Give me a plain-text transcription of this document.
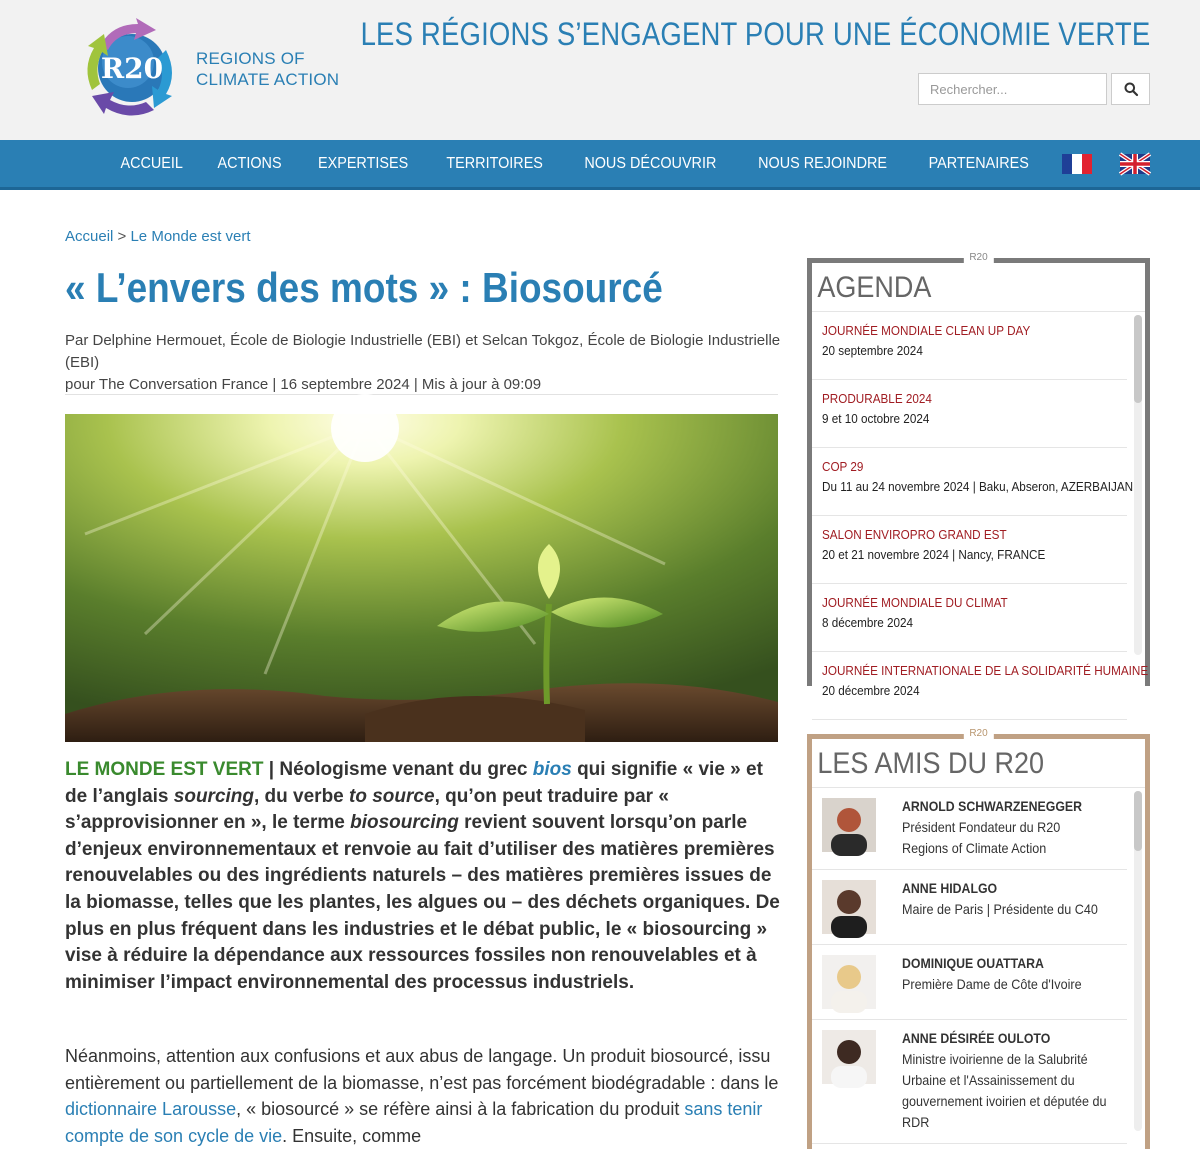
R20 REGIONS OF
CLIMATE ACTION
LES RÉGIONS S’ENGAGENT POUR UNE ÉCONOMIE VERTE
Rechercher...
ACCUEIL ACTIONS EXPERTISES TERRITOIRES	NOUS DÉCOUVRIR	NOUS REJOINDRE	PARTENAIRES
Accueil > Le Monde est vert
« L’envers des mots » : Biosourcé
Par Delphine Hermouet, École de Biologie Industrielle (EBI) et Selcan Tokgoz, École de Biologie Industrielle (EBI)
pour The Conversation France | 16 septembre 2024 | Mis à jour à 09:09
LE MONDE EST VERT | Néologisme venant du grec bios qui signifie « vie » et de l’anglais sourcing, du verbe to source, qu’on peut traduire par « s’approvisionner en », le terme biosourcing revient souvent lorsqu’on parle d’enjeux environnementaux et renvoie au fait d’utiliser des matières premières renouvelables ou des ingrédients naturels – des matières premières issues de la biomasse, telles que les plantes, les algues ou – des déchets organiques. De plus en plus fréquent dans les industries et le débat public, le « biosourcing » vise à réduire la dépendance aux ressources fossiles non renouvelables et à minimiser l’impact environnemental des processus industriels.
Néanmoins, attention aux confusions et aux abus de langage. Un produit biosourcé, issu entièrement ou partiellement de la biomasse, n’est pas forcément biodégradable : dans le dictionnaire Larousse, « biosourcé » se réfère ainsi à la fabrication du produit sans tenir compte de son cycle de vie. Ensuite, comme
R20
AGENDA
JOURNÉE MONDIALE CLEAN UP DAY
20 septembre 2024
PRODURABLE 2024
9 et 10 octobre 2024
COP 29
Du 11 au 24 novembre 2024 | Baku, Abseron, AZERBAIJAN
SALON ENVIROPRO GRAND EST
20 et 21 novembre 2024 | Nancy, FRANCE
JOURNÉE MONDIALE DU CLIMAT
8 décembre 2024
JOURNÉE INTERNATIONALE DE LA SOLIDARITÉ HUMAINE
20 décembre 2024
R20
LES AMIS DU R20
ARNOLD SCHWARZENEGGER
Président Fondateur du R20 Regions of Climate Action
ANNE HIDALGO
Maire de Paris | Présidente du C40
DOMINIQUE OUATTARA
Première Dame de Côte d'Ivoire
ANNE DÉSIRÉE OULOTO
Ministre ivoirienne de la Salubrité Urbaine et l'Assainissement du gouvernement ivoirien et députée du RDR
